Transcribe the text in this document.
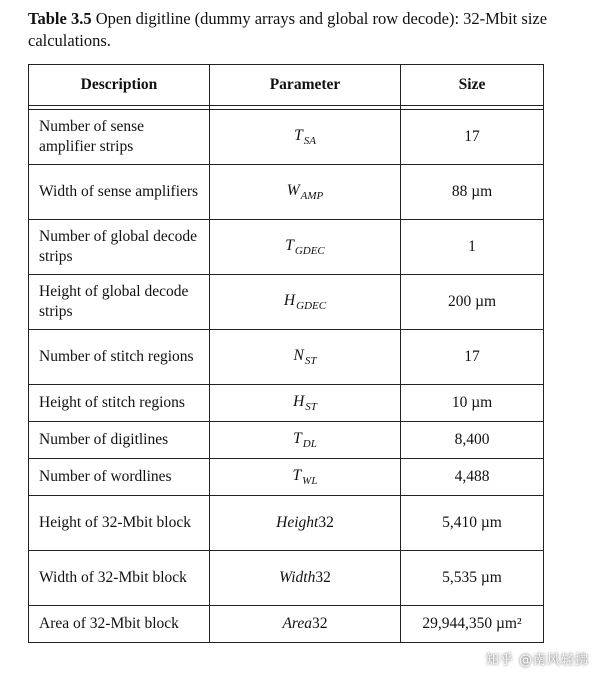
Table 3.5 Open digitline (dummy arrays and global row decode): 32-Mbit size calculations.
Description	Parameter	Size

Number of sense amplifier strips	$T_{SA}$	17
Width of sense amplifiers	$W_{AMP}$	88 µm
Number of global decode strips	$T_{GDEC}$	1
Height of global decode strips	$H_{GDEC}$	200 µm
Number of stitch regions	$N_{ST}$	17
Height of stitch regions	$H_{ST}$	10 µm
Number of digitlines	$T_{DL}$	8,400
Number of wordlines	$T_{WL}$	4,488
Height of 32-Mbit block	Height32	5,410 µm
Width of 32-Mbit block	Width32	5,535 µm
Area of 32-Mbit block	Area32	29,944,350 µm²
知乎 @南风轻拂
